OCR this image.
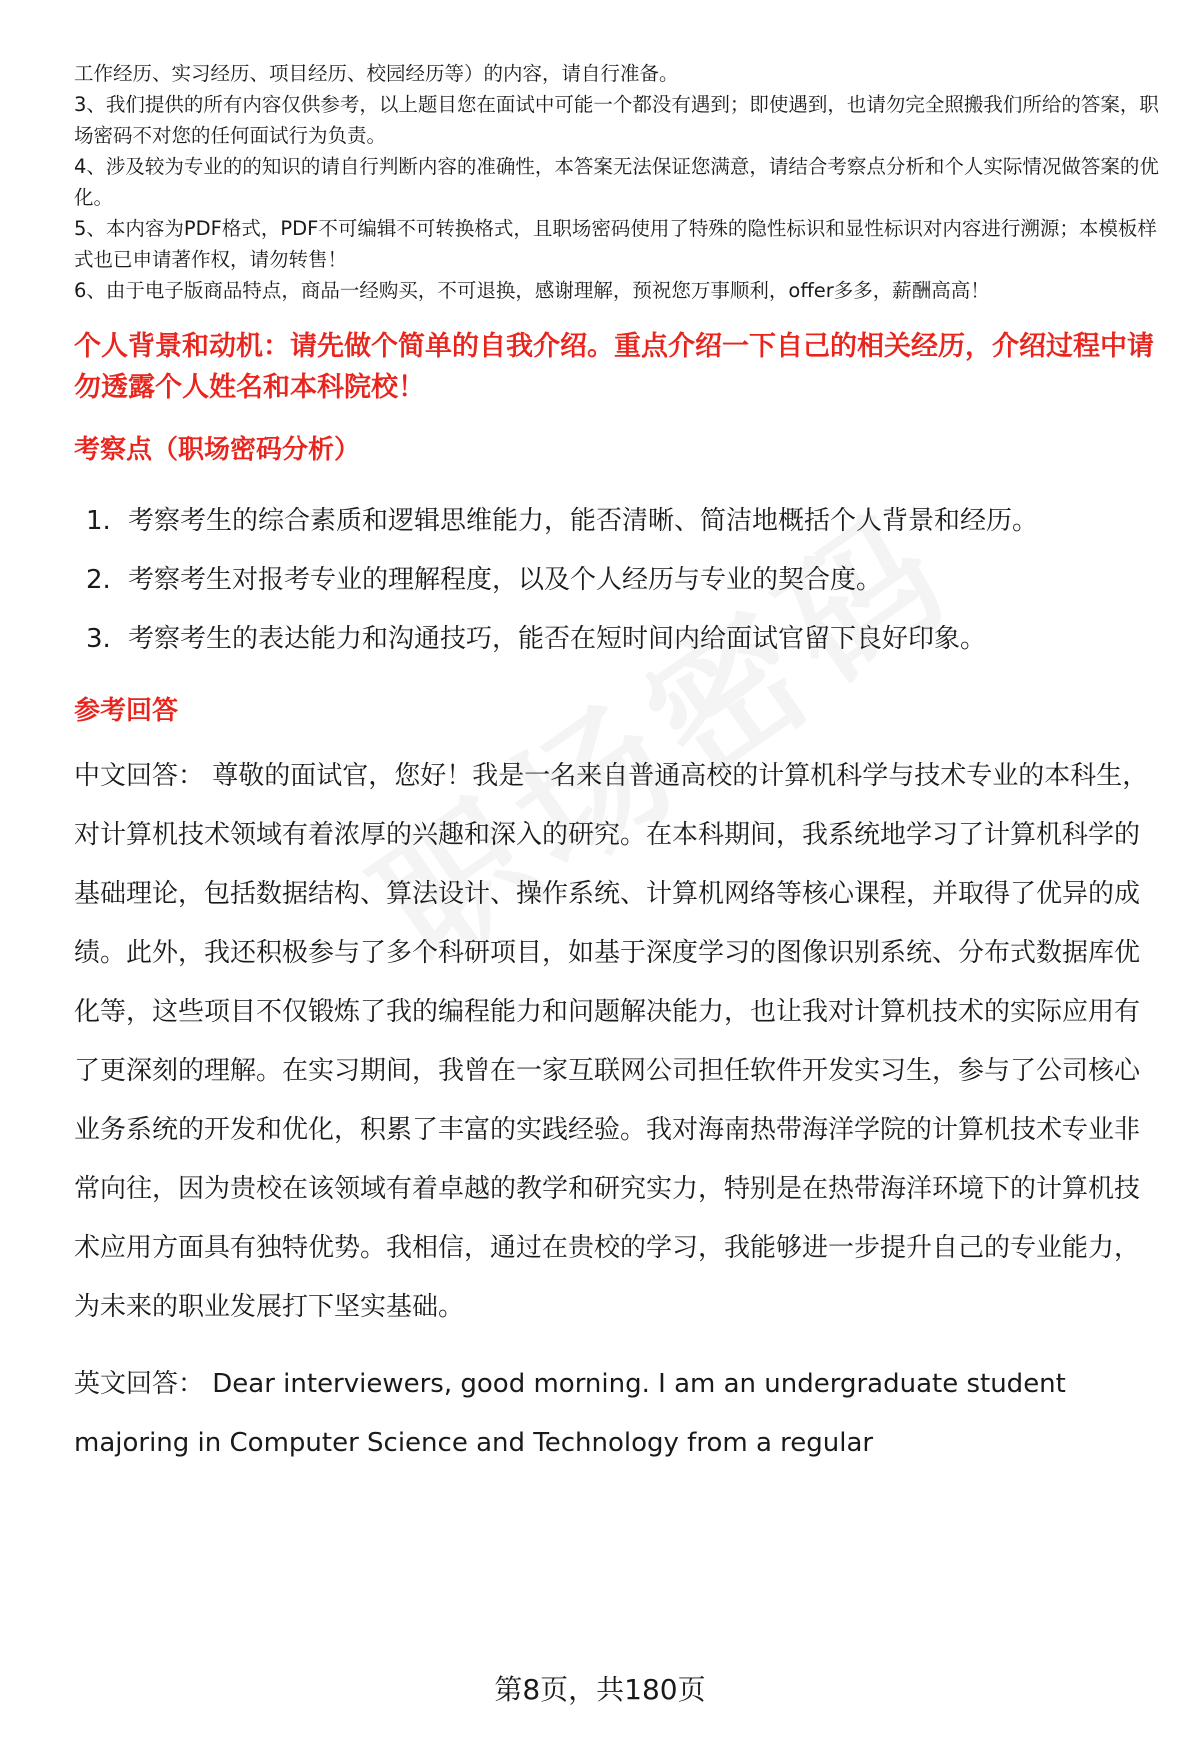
工作经历、实习经历、项目经历、校园经历等）的内容，请自行准备。

3、我们提供的所有内容仅供参考，以上题目您在面试中可能一个都没有遇到；即使遇到，也请勿完全照搬我们所给的答案，职场密码不对您的任何面试行为负责。

4、涉及较为专业的的知识的请自行判断内容的准确性，本答案无法保证您满意，请结合考察点分析和个人实际情况做答案的优化。

5、本内容为PDF格式，PDF不可编辑不可转换格式，且职场密码使用了特殊的隐性标识和显性标识对内容进行溯源；本模板样式也已申请著作权，请勿转售！

6、由于电子版商品特点，商品一经购买，不可退换，感谢理解，预祝您万事顺利，offer多多，薪酬高高！

个人背景和动机：请先做个简单的自我介绍。重点介绍一下自己的相关经历，介绍过程中请勿透露个人姓名和本科院校！
考察点（职场密码分析）
1. 考察考生的综合素质和逻辑思维能力，能否清晰、简洁地概括个人背景和经历。
2. 考察考生对报考专业的理解程度，以及个人经历与专业的契合度。
3. 考察考生的表达能力和沟通技巧，能否在短时间内给面试官留下良好印象。
参考回答

中文回答： 尊敬的面试官，您好！我是一名来自普通高校的计算机科学与技术专业的本科生，对计算机技术领域有着浓厚的兴趣和深入的研究。在本科期间，我系统地学习了计算机科学的基础理论，包括数据结构、算法设计、操作系统、计算机网络等核心课程，并取得了优异的成绩。此外，我还积极参与了多个科研项目，如基于深度学习的图像识别系统、分布式数据库优化等，这些项目不仅锻炼了我的编程能力和问题解决能力，也让我对计算机技术的实际应用有了更深刻的理解。在实习期间，我曾在一家互联网公司担任软件开发实习生，参与了公司核心业务系统的开发和优化，积累了丰富的实践经验。我对海南热带海洋学院的计算机技术专业非常向往，因为贵校在该领域有着卓越的教学和研究实力，特别是在热带海洋环境下的计算机技术应用方面具有独特优势。我相信，通过在贵校的学习，我能够进一步提升自己的专业能力，为未来的职业发展打下坚实基础。

英文回答： Dear interviewers, good morning. I am an undergraduate student majoring in Computer Science and Technology from a regular

第8页，共180页
